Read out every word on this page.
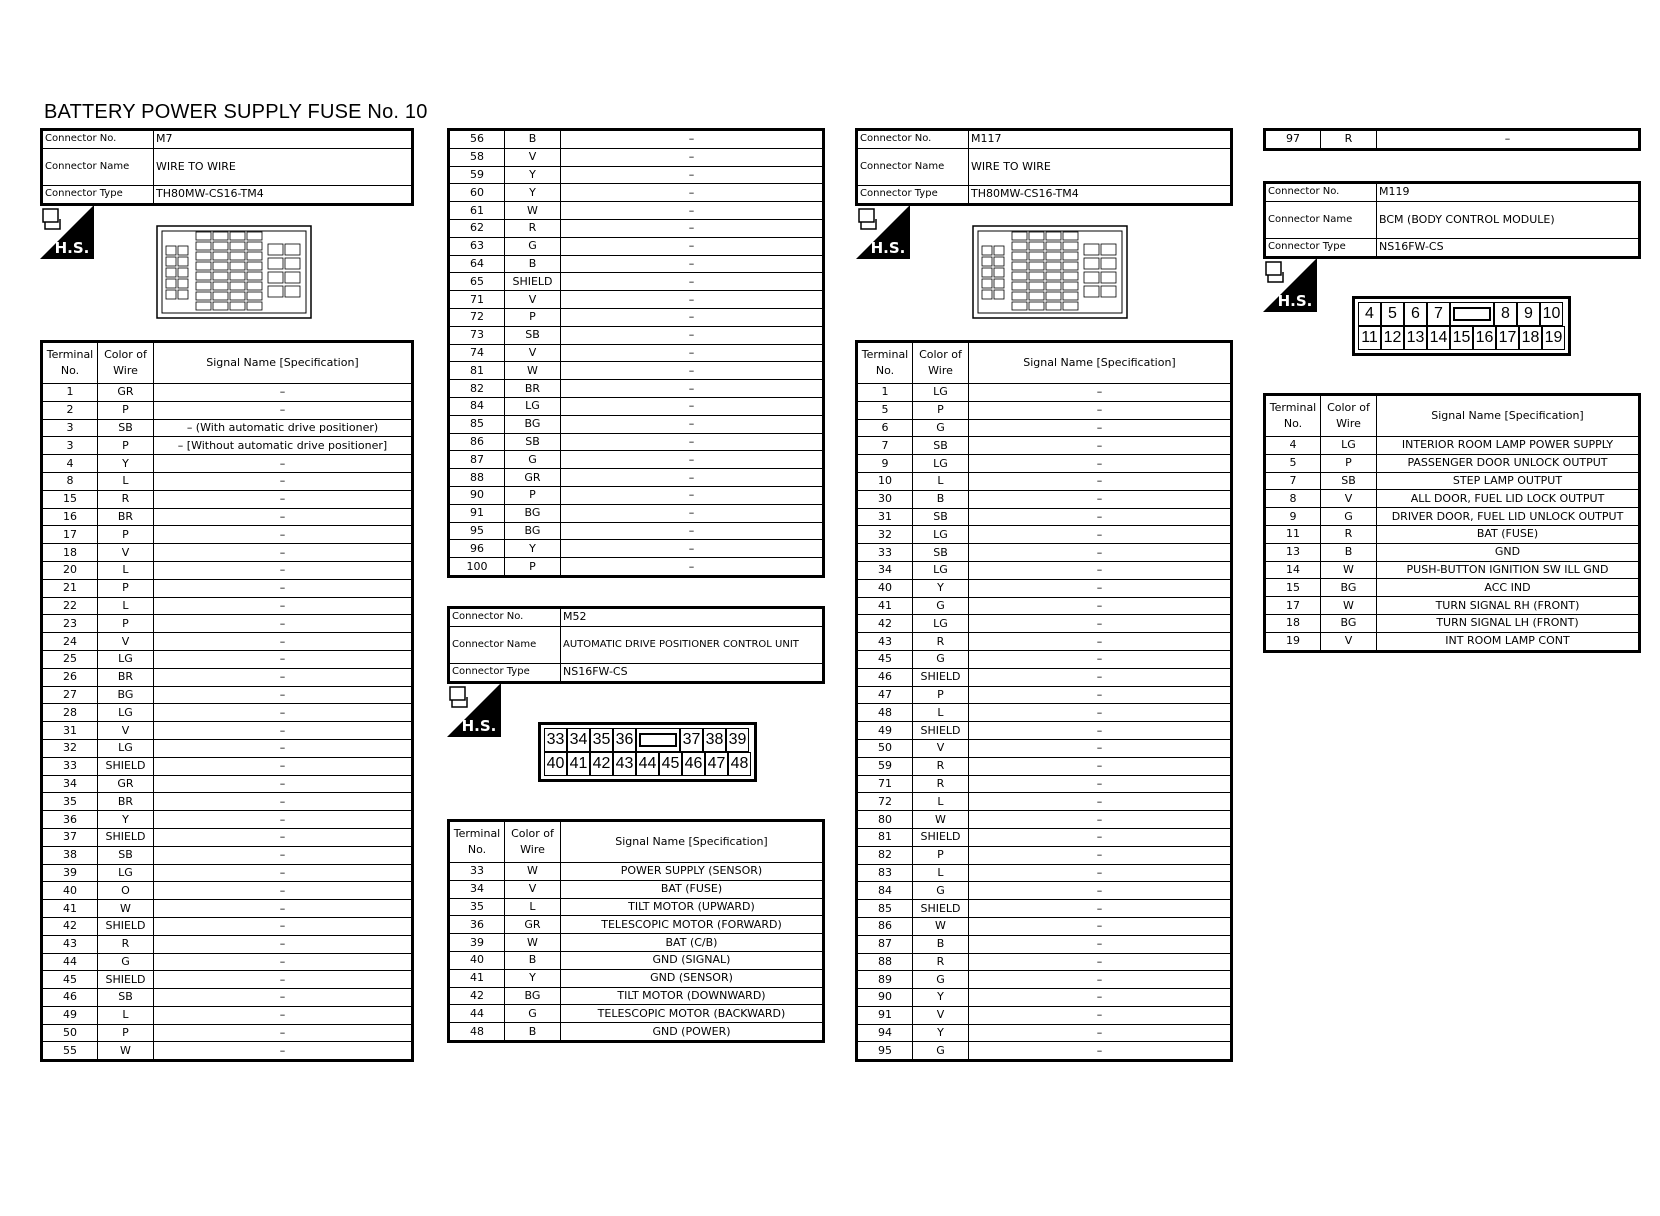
BATTERY POWER SUPPLY FUSE No. 10
Connector No.	M7
Connector Name	WIRE TO WIRE
Connector Type	TH80MW-CS16-TM4
H.S.
Terminal No.	Color of Wire	Signal Name [Specification]
1	GR	–
2	P	–
3	SB	– (With automatic drive positioner)
3	P	– [Without automatic drive positioner]
4	Y	–
8	L	–
15	R	–
16	BR	–
17	P	–
18	V	–
20	L	–
21	P	–
22	L	–
23	P	–
24	V	–
25	LG	–
26	BR	–
27	BG	–
28	LG	–
31	V	–
32	LG	–
33	SHIELD	–
34	GR	–
35	BR	–
36	Y	–
37	SHIELD	–
38	SB	–
39	LG	–
40	O	–
41	W	–
42	SHIELD	–
43	R	–
44	G	–
45	SHIELD	–
46	SB	–
49	L	–
50	P	–
55	W	–
56	B	–
58	V	–
59	Y	–
60	Y	–
61	W	–
62	R	–
63	G	–
64	B	–
65	SHIELD	–
71	V	–
72	P	–
73	SB	–
74	V	–
81	W	–
82	BR	–
84	LG	–
85	BG	–
86	SB	–
87	G	–
88	GR	–
90	P	–
91	BG	–
95	BG	–
96	Y	–
100	P	–
Connector No.	M52
Connector Name	AUTOMATIC DRIVE POSITIONER CONTROL UNIT
Connector Type	NS16FW-CS
H.S.
33 34 35 36	37 38 39
40 41 42 43 44 45 46 47 48
Terminal No.	Color of Wire	Signal Name [Specification]
33	W	POWER SUPPLY (SENSOR)
34	V	BAT (FUSE)
35	L	TILT MOTOR (UPWARD)
36	GR	TELESCOPIC MOTOR (FORWARD)
39	W	BAT (C/B)
40	B	GND (SIGNAL)
41	Y	GND (SENSOR)
42	BG	TILT MOTOR (DOWNWARD)
44	G	TELESCOPIC MOTOR (BACKWARD)
48	B	GND (POWER)
Connector No.	M117
Connector Name	WIRE TO WIRE
Connector Type	TH80MW-CS16-TM4
H.S.
Terminal No.	Color of Wire	Signal Name [Specification]
1	LG	–
5	P	–
6	G	–
7	SB	–
9	LG	–
10	L	–
30	B	–
31	SB	–
32	LG	–
33	SB	–
34	LG	–
40	Y	–
41	G	–
42	LG	–
43	R	–
45	G	–
46	SHIELD	–
47	P	–
48	L	–
49	SHIELD	–
50	V	–
59	R	–
71	R	–
72	L	–
80	W	–
81	SHIELD	–
82	P	–
83	L	–
84	G	–
85	SHIELD	–
86	W	–
87	B	–
88	R	–
89	G	–
90	Y	–
91	V	–
94	Y	–
95	G	–
97	R	–
Connector No.	M119
Connector Name	BCM (BODY CONTROL MODULE)
Connector Type	NS16FW-CS
H.S.
4 5 6 7	8 9 10
11 12 13 14 15 16 17 18 19
Terminal No.	Color of Wire	Signal Name [Specification]
4	LG	INTERIOR ROOM LAMP POWER SUPPLY
5	P	PASSENGER DOOR UNLOCK OUTPUT
7	SB	STEP LAMP OUTPUT
8	V	ALL DOOR, FUEL LID LOCK OUTPUT
9	G	DRIVER DOOR, FUEL LID UNLOCK OUTPUT
11	R	BAT (FUSE)
13	B	GND
14	W	PUSH-BUTTON IGNITION SW ILL GND
15	BG	ACC IND
17	W	TURN SIGNAL RH (FRONT)
18	BG	TURN SIGNAL LH (FRONT)
19	V	INT ROOM LAMP CONT
